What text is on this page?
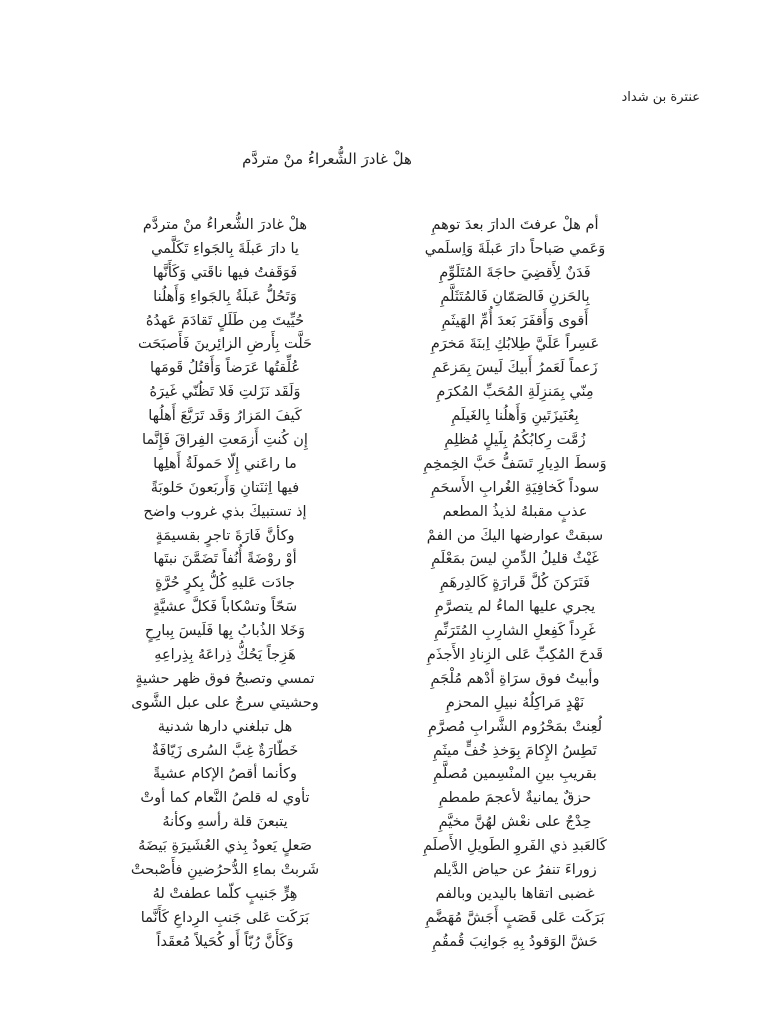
عنترة بن شداد
هلْ غادرَ الشُّعراءُ منْ متردَّم
أم هلْ عرفتَ الدارَ بعدَ توهمِ
وَعَمي صَباحاً دارَ عَبلَةَ وَاِسلَمي
فَدَنٌ لِأَقضِيَ حاجَةَ المُتَلَوِّمِ
بِالحَزنِ فَالصَمّانِ فَالمُتَثَلَّمِ
أَقوى وَأَقفَرَ بَعدَ أُمِّ الهَيثَمِ
عَسِراً عَلَيَّ طِلابُكِ اِبنَةَ مَخرَمِ
زَعماً لَعَمرُ أَبيكَ لَيسَ بِمَزعَمِ
مِنّي بِمَنزِلَةِ المُحَبِّ المُكرَمِ
بِعُنَيزَتَينِ وَأَهلُنا بِالغَيلَمِ
زُمَّت رِكابُكُمُ بِلَيلٍ مُظلِمِ
وَسطَ الدِيارِ تَسَفُّ حَبَّ الخِمخِمِ
سوداً كَخافِيَةِ الغُرابِ الأَسحَمِ
عذبٍ مقبلهُ لذيذُ المطعم
سبقتْ عوارضها اليكَ من الفمْ
غَيْثٌ قليلُ الدِّمنِ ليسَ بمَعْلَمِ
فَتَرَكنَ كُلَّ قَرارَةٍ كَالدِرهَمِ
يجري عليها الماءُ لم يتصرَّمِ
غَرِداً كَفِعلِ الشارِبِ المُتَرَنِّمِ
قَدحَ المُكِبِّ عَلى الزِنادِ الأَجذَمِ
وأبيتُ فوق سرَاةِ أدْهم مُلْجَمِ
نَهْدٍ مَراكِلُهُ نبيلِ المحزمِ
لُعِنتْ بمَحْرُوم الشَّرابِ مُصرَّمِ
تَطِسُ الإِكامَ بِوَخذِ خُفٍّ ميثَمِ
بقريبِ بينِ المنْسِمين مُصلَّمِ
حزقٌ يمانيةٌ لأعجمَ طمطمِ
حِدْجٌ على نعْش لهُنَّ مخيَّمِ
كَالعَبدِ ذي الفَروِ الطَويلِ الأَصلَمِ
زوراءَ تنفرُ عن حياض الدَّيلم
غضبى اتقاها باليدين وبالفم
بَرَكَت عَلى قَصَبٍ أَجَشَّ مُهَضَّمِ
حَشَّ الوَقودُ بِهِ جَوانِبَ قُمقُمِ
هلْ غادرَ الشُّعراءُ منْ متردَّم
يا دارَ عَبلَةَ بِالجَواءِ تَكَلَّمي
فَوَقَفتُ فيها ناقَتي وَكَأَنَّها
وَتَحُلُّ عَبلَةُ بِالجَواءِ وَأَهلُنا
حُيِّيتَ مِن طَلَلٍ تَقادَمَ عَهدُهُ
حَلَّت بِأَرضِ الزائِرينَ فَأَصبَحَت
عُلِّقتُها عَرَضاً وَأَقتُلُ قَومَها
وَلَقَد نَزَلتِ فَلا تَظُنّي غَيرَهُ
كَيفَ المَزارُ وَقَد تَرَبَّعَ أَهلُها
إِن كُنتِ أَزمَعتِ الفِراقَ فَإِنَّما
ما راعَني إِلّا حَمولَةُ أَهلِها
فيها اِثنَتانِ وَأَربَعونَ حَلوبَةً
إذ تستبيكَ بذي غروب واضح
وكأنَّ فَارَةَ تاجرٍ بقسيمَةٍ
أوْ روْضَةً أُنُفاً تَضَمَّنَ نبتَها
جادَت عَليهِ كُلُّ بِكرٍ حُرَّةٍ
سَحّاً وتسْكاباً فَكلَّ عشيَّةٍ
وَخَلا الذُبابُ بِها فَلَيسَ بِبارِحٍ
هَزِجاً يَحُكُّ ذِراعَهُ بِذِراعِهِ
تمسي وتصبحُ فوق ظهر حشيةٍ
وحشيتي سرجٌ على عبل الشَّوى
هل تبلغني دارها شدنية
خَطّارَةٌ غِبَّ السُرى زَيّافَةٌ
وكأنما أقصُ الإكام عشيةً
تأوي له قلصُ النَّعام كما أوتْ
يتبعنَ قلة رأسهِ وكأنهُ
صَعلٍ يَعودُ بِذي العُشَيرَةِ بَيضَهُ
شَربتْ بماءِ الدُّحرُضينِ فأَصْبحتْ
هِرٍّ جَنيبٍ كلّما عطفتْ لهُ
بَرَكَت عَلى جَنبِ الرِداعِ كَأَنَّما
وَكَأَنَّ رُبّاً أَو كُحَيلاً مُعقَداً
